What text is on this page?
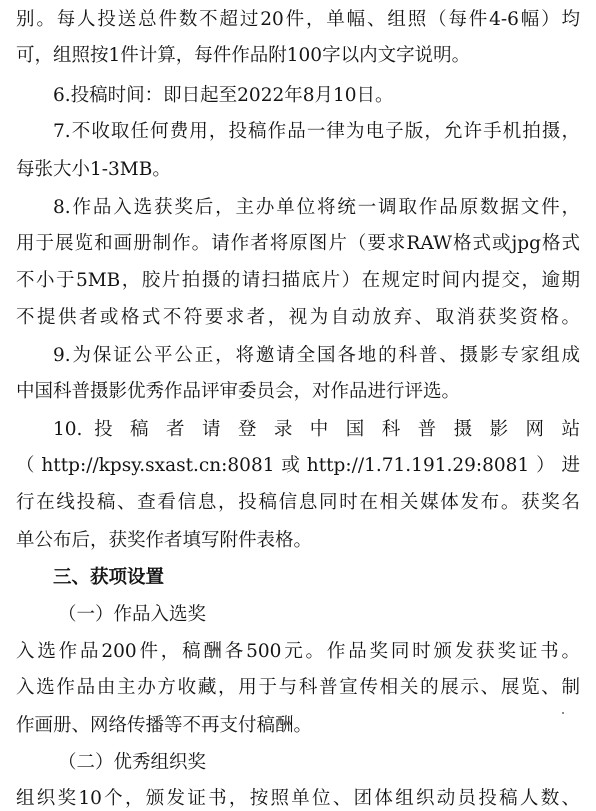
别。每人投送总件数不超过20件，单幅、组照（每件4-6幅）均
可，组照按1件计算，每件作品附100字以内文字说明。
6.投稿时间：即日起至2022年8月10日。
7.不收取任何费用，投稿作品一律为电子版，允许手机拍摄，
每张大小1-3MB。
8.作品入选获奖后，主办单位将统一调取作品原数据文件，
用于展览和画册制作。请作者将原图片（要求RAW格式或jpg格式
不小于5MB，胶片拍摄的请扫描底片）在规定时间内提交，逾期
不提供者或格式不符要求者，视为自动放弃、取消获奖资格。
9.为保证公平公正，将邀请全国各地的科普、摄影专家组成
中国科普摄影优秀作品评审委员会，对作品进行评选。
10. 投 稿 者 请 登 录 中 国 科 普 摄 影 网 站
（http://kpsy.sxast.cn:8081或http://1.71.191.29:8081）进
行在线投稿、查看信息，投稿信息同时在相关媒体发布。获奖名
单公布后，获奖作者填写附件表格。
三、获项设置
（一）作品入选奖
入选作品200件，稿酬各500元。作品奖同时颁发获奖证书。
入选作品由主办方收藏，用于与科普宣传相关的展示、展览、制
作画册、网络传播等不再支付稿酬。
（二）优秀组织奖
组织奖10个，颁发证书，按照单位、团体组织动员投稿人数、
